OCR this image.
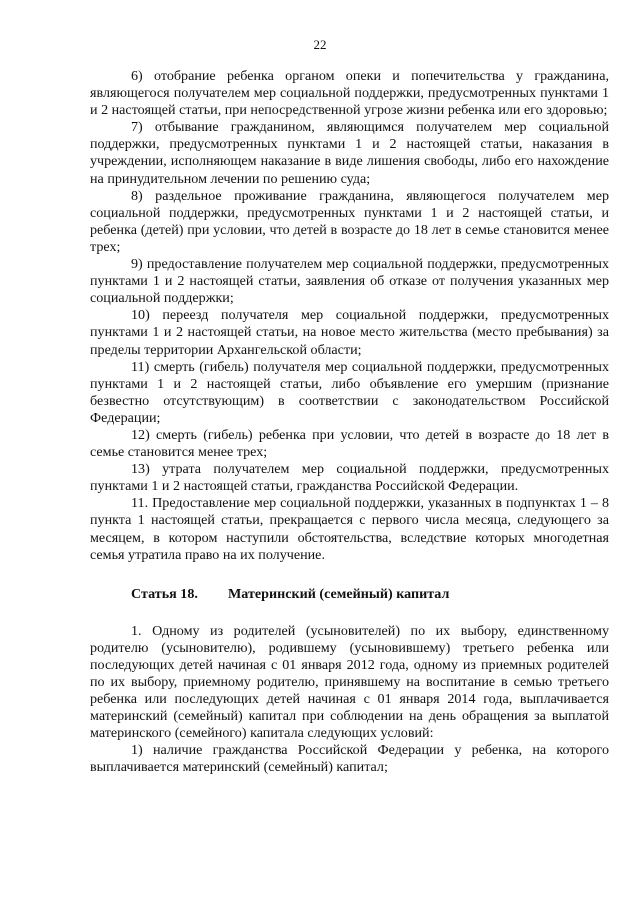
22

6) отобрание ребенка органом опеки и попечительства у гражданина, являющегося получателем мер социальной поддержки, предусмотренных пунктами 1 и 2 настоящей статьи, при непосредственной угрозе жизни ребенка или его здоровью;

7) отбывание гражданином, являющимся получателем мер социальной поддержки, предусмотренных пунктами 1 и 2 настоящей статьи, наказания в учреждении, исполняющем наказание в виде лишения свободы, либо его нахождение на принудительном лечении по решению суда;

8) раздельное проживание гражданина, являющегося получателем мер социальной поддержки, предусмотренных пунктами 1 и 2 настоящей статьи, и ребенка (детей) при условии, что детей в возрасте до 18 лет в семье становится менее трех;

9) предоставление получателем мер социальной поддержки, предусмотренных пунктами 1 и 2 настоящей статьи, заявления об отказе от получения указанных мер социальной поддержки;

10) переезд получателя мер социальной поддержки, предусмотренных пунктами 1 и 2 настоящей статьи, на новое место жительства (место пребывания) за пределы территории Архангельской области;

11) смерть (гибель) получателя мер социальной поддержки, предусмотренных пунктами 1 и 2 настоящей статьи, либо объявление его умершим (признание безвестно отсутствующим) в соответствии с законодательством Российской Федерации;

12) смерть (гибель) ребенка при условии, что детей в возрасте до 18 лет в семье становится менее трех;

13) утрата получателем мер социальной поддержки, предусмотренных пунктами 1 и 2 настоящей статьи, гражданства Российской Федерации.

11. Предоставление мер социальной поддержки, указанных в подпунктах 1 – 8 пункта 1 настоящей статьи, прекращается с первого числа месяца, следующего за месяцем, в котором наступили обстоятельства, вследствие которых многодетная семья утратила право на их получение.

Статья 18. Материнский (семейный) капитал

1. Одному из родителей (усыновителей) по их выбору, единственному родителю (усыновителю), родившему (усыновившему) третьего ребенка или последующих детей начиная с 01 января 2012 года, одному из приемных родителей по их выбору, приемному родителю, принявшему на воспитание в семью третьего ребенка или последующих детей начиная с 01 января 2014 года, выплачивается материнский (семейный) капитал при соблюдении на день обращения за выплатой материнского (семейного) капитала следующих условий:

1) наличие гражданства Российской Федерации у ребенка, на которого выплачивается материнский (семейный) капитал;
